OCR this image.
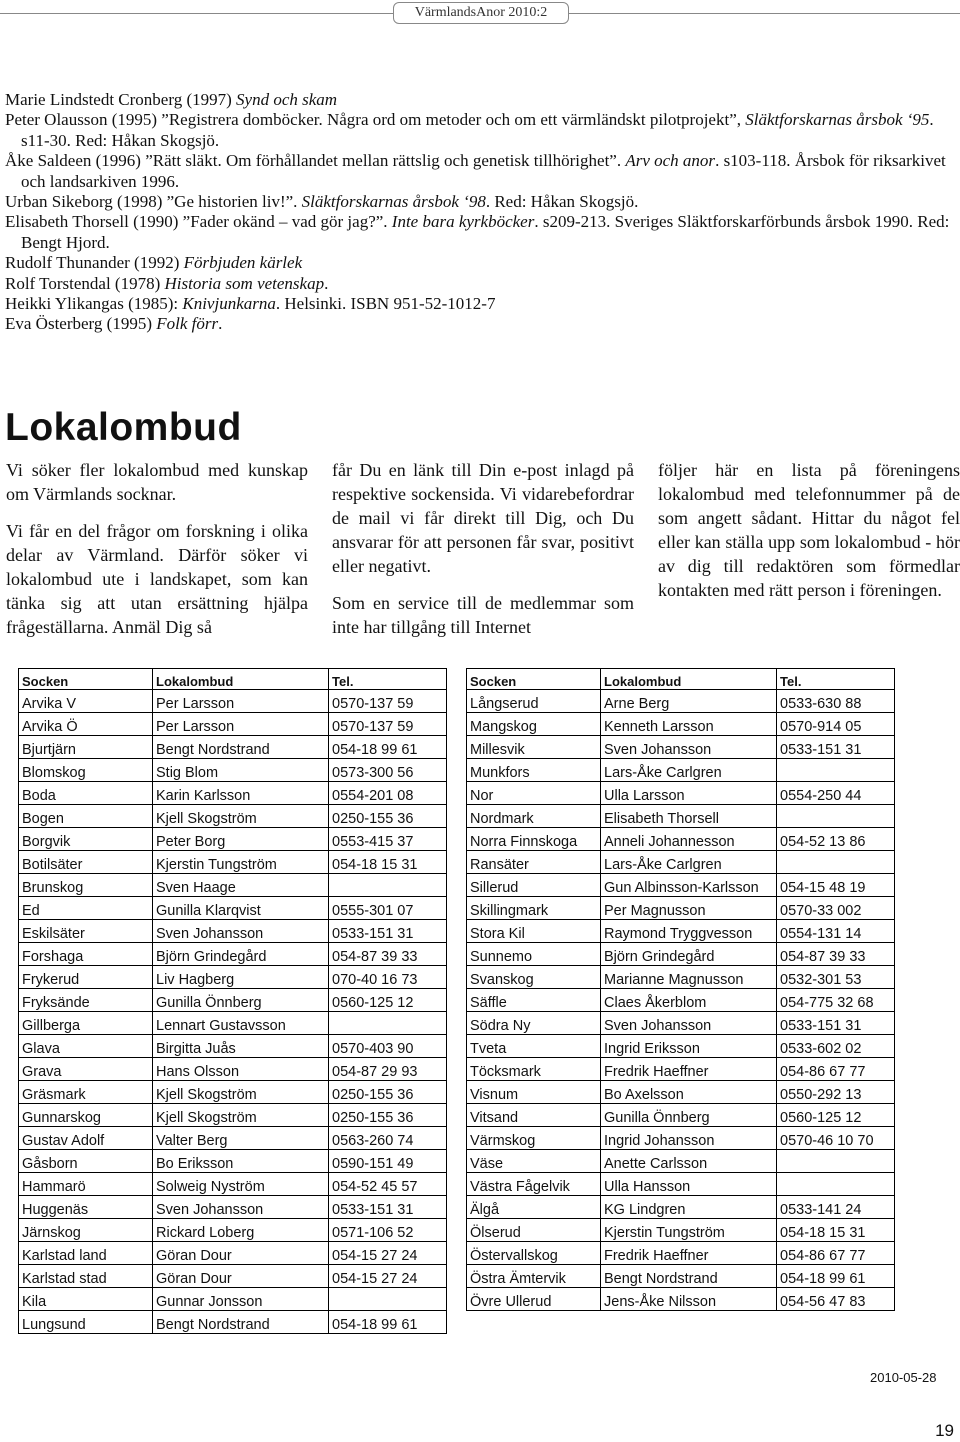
VärmlandsAnor 2010:2

Marie Lindstedt Cronberg (1997) Synd och skam

Peter Olausson (1995) ”Registrera domböcker. Några ord om metoder och om ett värmländskt pilotprojekt”, Släktforskarnas årsbok ‘95. s11-30. Red: Håkan Skogsjö.

Åke Saldeen (1996) ”Rätt släkt. Om förhållandet mellan rättslig och genetisk tillhörighet”. Arv och anor. s103-118. Årsbok för riksarkivet och landsarkiven 1996.

Urban Sikeborg (1998) ”Ge historien liv!”. Släktforskarnas årsbok ‘98. Red: Håkan Skogsjö.

Elisabeth Thorsell (1990) ”Fader okänd – vad gör jag?”. Inte bara kyrkböcker. s209-213. Sveriges Släktforskarförbunds årsbok 1990. Red: Bengt Hjord.

Rudolf Thunander (1992) Förbjuden kärlek

Rolf Torstendal (1978) Historia som vetenskap.

Heikki Ylikangas (1985): Knivjunkarna. Helsinki. ISBN 951-52-1012-7

Eva Österberg (1995) Folk förr.

Lokalombud

Vi söker fler lokalombud med kunskap om Värmlands socknar.

Vi får en del frågor om forskning i olika delar av Värmland. Därför söker vi lokalombud ute i landskapet, som kan tänka sig att utan ersättning hjälpa frågeställarna. Anmäl Dig så

får Du en länk till Din e-post inlagd på respektive sockensida. Vi vidarebefordrar de mail vi får direkt till Dig, och Du ansvarar för att personen får svar, positivt eller negativt.

Som en service till de medlemmar som inte har tillgång till Internet

följer här en lista på föreningens lokalombud med telefonnummer på de som angett sådant. Hittar du något fel eller kan ställa upp som lokalombud - hör av dig till redaktören som förmedlar kontakten med rätt person i föreningen.

Socken	Lokalombud	Tel.
Arvika V	Per Larsson	0570-137 59
Arvika Ö	Per Larsson	0570-137 59
Bjurtjärn	Bengt Nordstrand	054-18 99 61
Blomskog	Stig Blom	0573-300 56
Boda	Karin Karlsson	0554-201 08
Bogen	Kjell Skogström	0250-155 36
Borgvik	Peter Borg	0553-415 37
Botilsäter	Kjerstin Tungström	054-18 15 31
Brunskog	Sven Haage	
Ed	Gunilla Klarqvist	0555-301 07
Eskilsäter	Sven Johansson	0533-151 31
Forshaga	Björn Grindegård	054-87 39 33
Frykerud	Liv Hagberg	070-40 16 73
Fryksände	Gunilla Önnberg	0560-125 12
Gillberga	Lennart Gustavsson	
Glava	Birgitta Juås	0570-403 90
Grava	Hans Olsson	054-87 29 93
Gräsmark	Kjell Skogström	0250-155 36
Gunnarskog	Kjell Skogström	0250-155 36
Gustav Adolf	Valter Berg	0563-260 74
Gåsborn	Bo Eriksson	0590-151 49
Hammarö	Solweig Nyström	054-52 45 57
Huggenäs	Sven Johansson	0533-151 31
Järnskog	Rickard Loberg	0571-106 52
Karlstad land	Göran Dour	054-15 27 24
Karlstad stad	Göran Dour	054-15 27 24
Kila	Gunnar Jonsson	
Lungsund	Bengt Nordstrand	054-18 99 61
Socken	Lokalombud	Tel.
Långserud	Arne Berg	0533-630 88
Mangskog	Kenneth Larsson	0570-914 05
Millesvik	Sven Johansson	0533-151 31
Munkfors	Lars-Åke Carlgren	
Nor	Ulla Larsson	0554-250 44
Nordmark	Elisabeth Thorsell	
Norra Finnskoga	Anneli Johannesson	054-52 13 86
Ransäter	Lars-Åke Carlgren	
Sillerud	Gun Albinsson-Karlsson	054-15 48 19
Skillingmark	Per Magnusson	0570-33 002
Stora Kil	Raymond Tryggvesson	0554-131 14
Sunnemo	Björn Grindegård	054-87 39 33
Svanskog	Marianne Magnusson	0532-301 53
Säffle	Claes Åkerblom	054-775 32 68
Södra Ny	Sven Johansson	0533-151 31
Tveta	Ingrid Eriksson	0533-602 02
Töcksmark	Fredrik Haeffner	054-86 67 77
Visnum	Bo Axelsson	0550-292 13
Vitsand	Gunilla Önnberg	0560-125 12
Värmskog	Ingrid Johansson	0570-46 10 70
Väse	Anette Carlsson	
Västra Fågelvik	Ulla Hansson	
Älgå	KG Lindgren	0533-141 24
Ölserud	Kjerstin Tungström	054-18 15 31
Östervallskog	Fredrik Haeffner	054-86 67 77
Östra Ämtervik	Bengt Nordstrand	054-18 99 61
Övre Ullerud	Jens-Åke Nilsson	054-56 47 83
2010-05-28
19
